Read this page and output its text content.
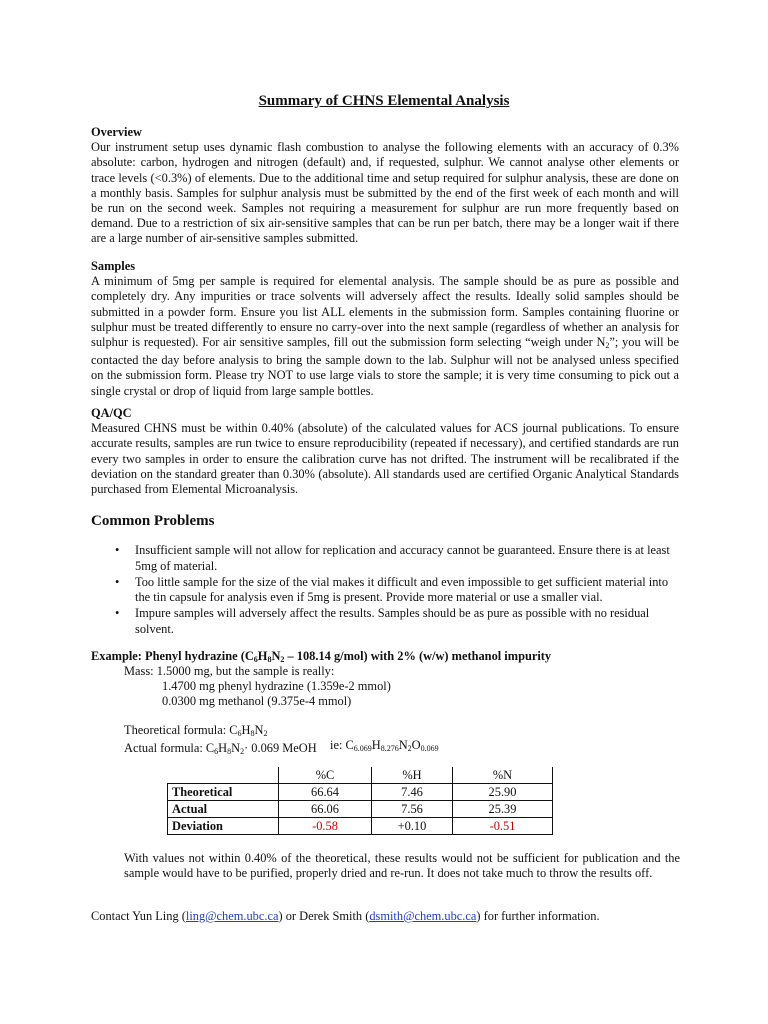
Summary of CHNS Elemental Analysis
Overview

Our instrument setup uses dynamic flash combustion to analyse the following elements with an accuracy of 0.3% absolute: carbon, hydrogen and nitrogen (default) and, if requested, sulphur. We cannot analyse other elements or trace levels (<0.3%) of elements. Due to the additional time and setup required for sulphur analysis, these are done on a monthly basis. Samples for sulphur analysis must be submitted by the end of the first week of each month and will be run on the second week. Samples not requiring a measurement for sulphur are run more frequently based on demand. Due to a restriction of six air-sensitive samples that can be run per batch, there may be a longer wait if there are a large number of air-sensitive samples submitted.

Samples

A minimum of 5mg per sample is required for elemental analysis. The sample should be as pure as possible and completely dry. Any impurities or trace solvents will adversely affect the results. Ideally solid samples should be submitted in a powder form. Ensure you list ALL elements in the submission form. Samples containing fluorine or sulphur must be treated differently to ensure no carry-over into the next sample (regardless of whether an analysis for sulphur is requested). For air sensitive samples, fill out the submission form selecting “weigh under $N_2$”; you will be contacted the day before analysis to bring the sample down to the lab. Sulphur will not be analysed unless specified on the submission form. Please try NOT to use large vials to store the sample; it is very time consuming to pick out a single crystal or drop of liquid from large sample bottles.

QA/QC

Measured CHNS must be within 0.40% (absolute) of the calculated values for ACS journal publications. To ensure accurate results, samples are run twice to ensure reproducibility (repeated if necessary), and certified standards are run every two samples in order to ensure the calibration curve has not drifted. The instrument will be recalibrated if the deviation on the standard greater than 0.30% (absolute). All standards used are certified Organic Analytical Standards purchased from Elemental Microanalysis.

Common Problems
• Insufficient sample will not allow for replication and accuracy cannot be guaranteed. Ensure there is at least 5mg of material.
• Too little sample for the size of the vial makes it difficult and even impossible to get sufficient material into the tin capsule for analysis even if 5mg is present. Provide more material or use a smaller vial.
• Impure samples will adversely affect the results. Samples should be as pure as possible with no residual solvent.
Example: Phenyl hydrazine ($C_6H_8N_2 - 108.14$ g/mol) with 2% (w/w) methanol impurity
Mass: 1.5000 mg, but the sample is really:
1.4700 mg phenyl hydrazine (1.359e-2 mmol)
0.0300 mg methanol (9.375e-4 mmol)
Theoretical formula: $C_6H_8N_2$
Actual formula: $C_6H_8N_2\cdot 0.069$ MeOH ie: $C_{6.069}H_{8.276}N_2O_{0.069}$
	%C	%H	%N
Theoretical	66.64	7.46	25.90
Actual	66.06	7.56	25.39
Deviation	-0.58	+0.10	-0.51
With values not within 0.40% of the theoretical, these results would not be sufficient for publication and the sample would have to be purified, properly dried and re-run. It does not take much to throw the results off.
Contact Yun Ling (ling@chem.ubc.ca) or Derek Smith (dsmith@chem.ubc.ca) for further information.
